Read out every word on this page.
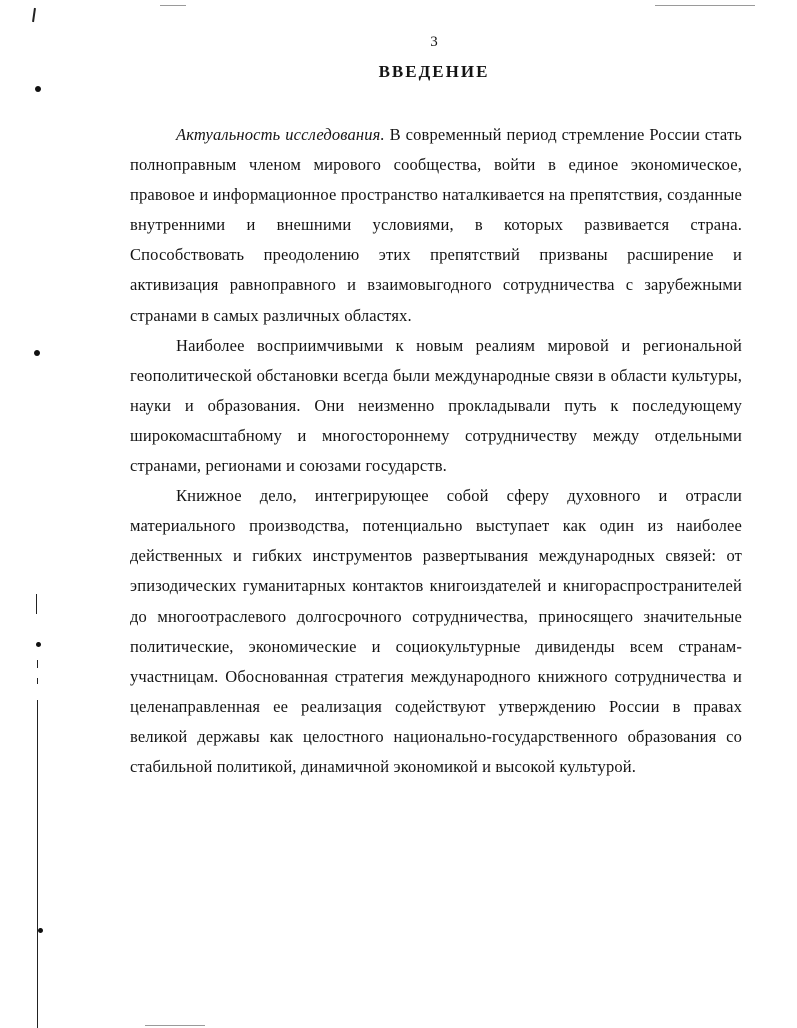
3
ВВЕДЕНИЕ

Актуальность исследования. В современный период стремление России стать полноправным членом мирового сообщества, войти в единое экономическое, правовое и информационное пространство наталкивается на препятствия, созданные внутренними и внешними условиями, в которых развивается страна. Способствовать преодолению этих препятствий призваны расширение и активизация равноправного и взаимовыгодного сотрудничества с зарубежными странами в самых различных областях.

Наиболее восприимчивыми к новым реалиям мировой и региональной геополитической обстановки всегда были международные связи в области культуры, науки и образования. Они неизменно прокладывали путь к последующему широкомасштабному и многостороннему сотрудничеству между отдельными странами, регионами и союзами государств.

Книжное дело, интегрирующее собой сферу духовного и отрасли материального производства, потенциально выступает как один из наиболее действенных и гибких инструментов развертывания международных связей: от эпизодических гуманитарных контактов книгоиздателей и книгораспространителей до многоотраслевого долгосрочного сотрудничества, приносящего значительные политические, экономические и социокультурные дивиденды всем странам-участницам. Обоснованная стратегия международного книжного сотрудничества и целенаправленная ее реализация содействуют утверждению России в правах великой державы как целостного национально-государственного образования со стабильной политикой, динамичной экономикой и высокой культурой.
